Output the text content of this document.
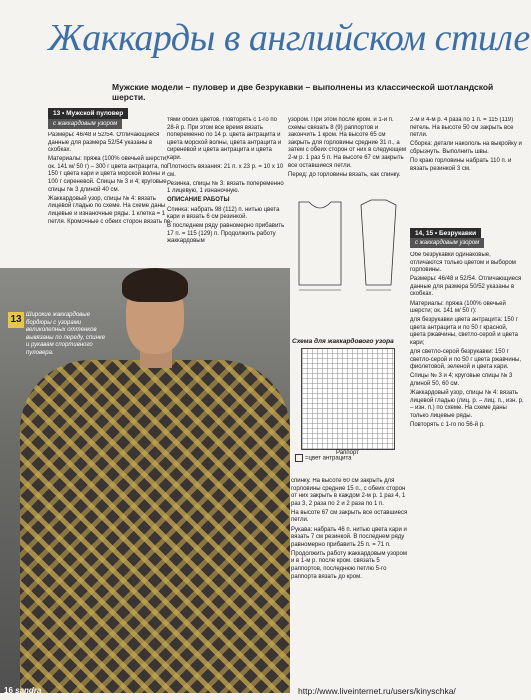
Жаккарды в английском стиле
Мужские модели – пуловер и две безрукавки – выполнены из классической шотландской шерсти.
13 • Мужской пуловер
с жаккардовым узором

Размеры: 46/48 и 52/54. Отличающиеся данные для размера 52/54 указаны в скобках.

Материалы: пряжа (100% овечьей шерсти; ок. 141 м/ 50 г) – 300 г цвета антрацита, по 150 г цвета кари и цвета морской волны и 100 г сиреневой. Спицы № 3 и 4; круговые спицы № 3 длиной 40 см.

Жаккардовый узор, спицы № 4: вязать лицевой гладью по схеме. На схеме даны лицевые и изнаночные ряды. 1 клетка = 1 петля. Кромочные с обеих сторон вязать пе-

тями обоих цветов. Повторять с 1-го по 28-й р. При этом все время вязать попеременно по 14 р. цвета антрацита и цвета морской волны, цвета антрацита и сиреневой и цвета антрацита и цвета кари.

Плотность вязания: 21 п. x 23 р. = 10 x 10 см.

Резинка, спицы № 3: вязать попеременно 1 лицевую, 1 изнаночную.

ОПИСАНИЕ РАБОТЫ

Спинка: набрать 98 (112) п. нитью цвета кари и вязать 6 см резинкой.

В последнем ряду равномерно прибавить 17 п. = 115 (129) п. Продолжить работу жаккардовым

узором. При этом после кром. и 1-й п. схемы связать 8 (9) раппортов и закончить 1 кром. На высоте 65 см закрыть для горловины средние 31 п., а затем с обеих сторон от них в следующем 2-м р. 1 раз 5 п. На высоте 67 см закрыть все оставшиеся петли.

Перед: до горловины вязать, как спинку.

2-м и 4-м р. 4 раза по 1 п. = 115 (119) петель. На высоте 50 см закрыть все петли.

Сборка: детали накололь на выкройку и сбрызнуть. Выполнить швы.

По краю горловины набрать 110 п. и вязать резинкой 3 см.

14, 15 • Безрукавки
с жаккардовым узором

Обе безрукавки одинаковые, отличаются только цветом и выбором горловины.

Размеры: 46/48 и 52/54. Отличающиеся данные для размера 50/52 указаны в скобках.

Материалы: пряжа (100% овечьей шерсти; ок. 141 м/ 50 г):

для безрукавки цвета антрацита: 150 г цвета антрацита и по 50 г красной, цвета ржавчины, светло-серой и цвета кари;

для светло-серой безрукавки: 150 г светло-серой и по 50 г цвета ржавчины, фиолетовой, зеленой и цвета кари.

Спицы № 3 и 4; круговые спицы № 3 длиной 50, 60 см.

Жаккардовый узор, спицы № 4: вязать лицевой гладью (лиц. р. – лиц. п., изн. р. – изн. п.) по схеме. На схеме даны только лицевые ряды.

Повторять с 1-го по 56-й р.

Схема для жаккардового узора
=цвет антрацита
Раппорт

спинку. На высоте 60 см закрыть для горловины средние 15 п., с обеих сторон от них закрыть в каждом 2-м р. 1 раз 4, 1 раз 3, 2 раза по 2 и 2 раза по 1 п.

На высоте 67 см закрыть все оставшиеся петли.

Рукава: набрать 46 п. нитью цвета кари и вязать 7 см резинкой. В последнем ряду равномерно прибавить 25 п. = 71 п.

Продолжить работу жаккардовым узором и в 1-м р. после кром. связать 5 раппортов, последнюю петлю 5-го раппорта вязать до кром.

13 Широкие жаккардовые бордюры с узорами великолепных оттенков вывязаны по переду, спинке и рукавам спортивного пуловера.
16 sandra	http://www.liveinternet.ru/users/kinyschka/
